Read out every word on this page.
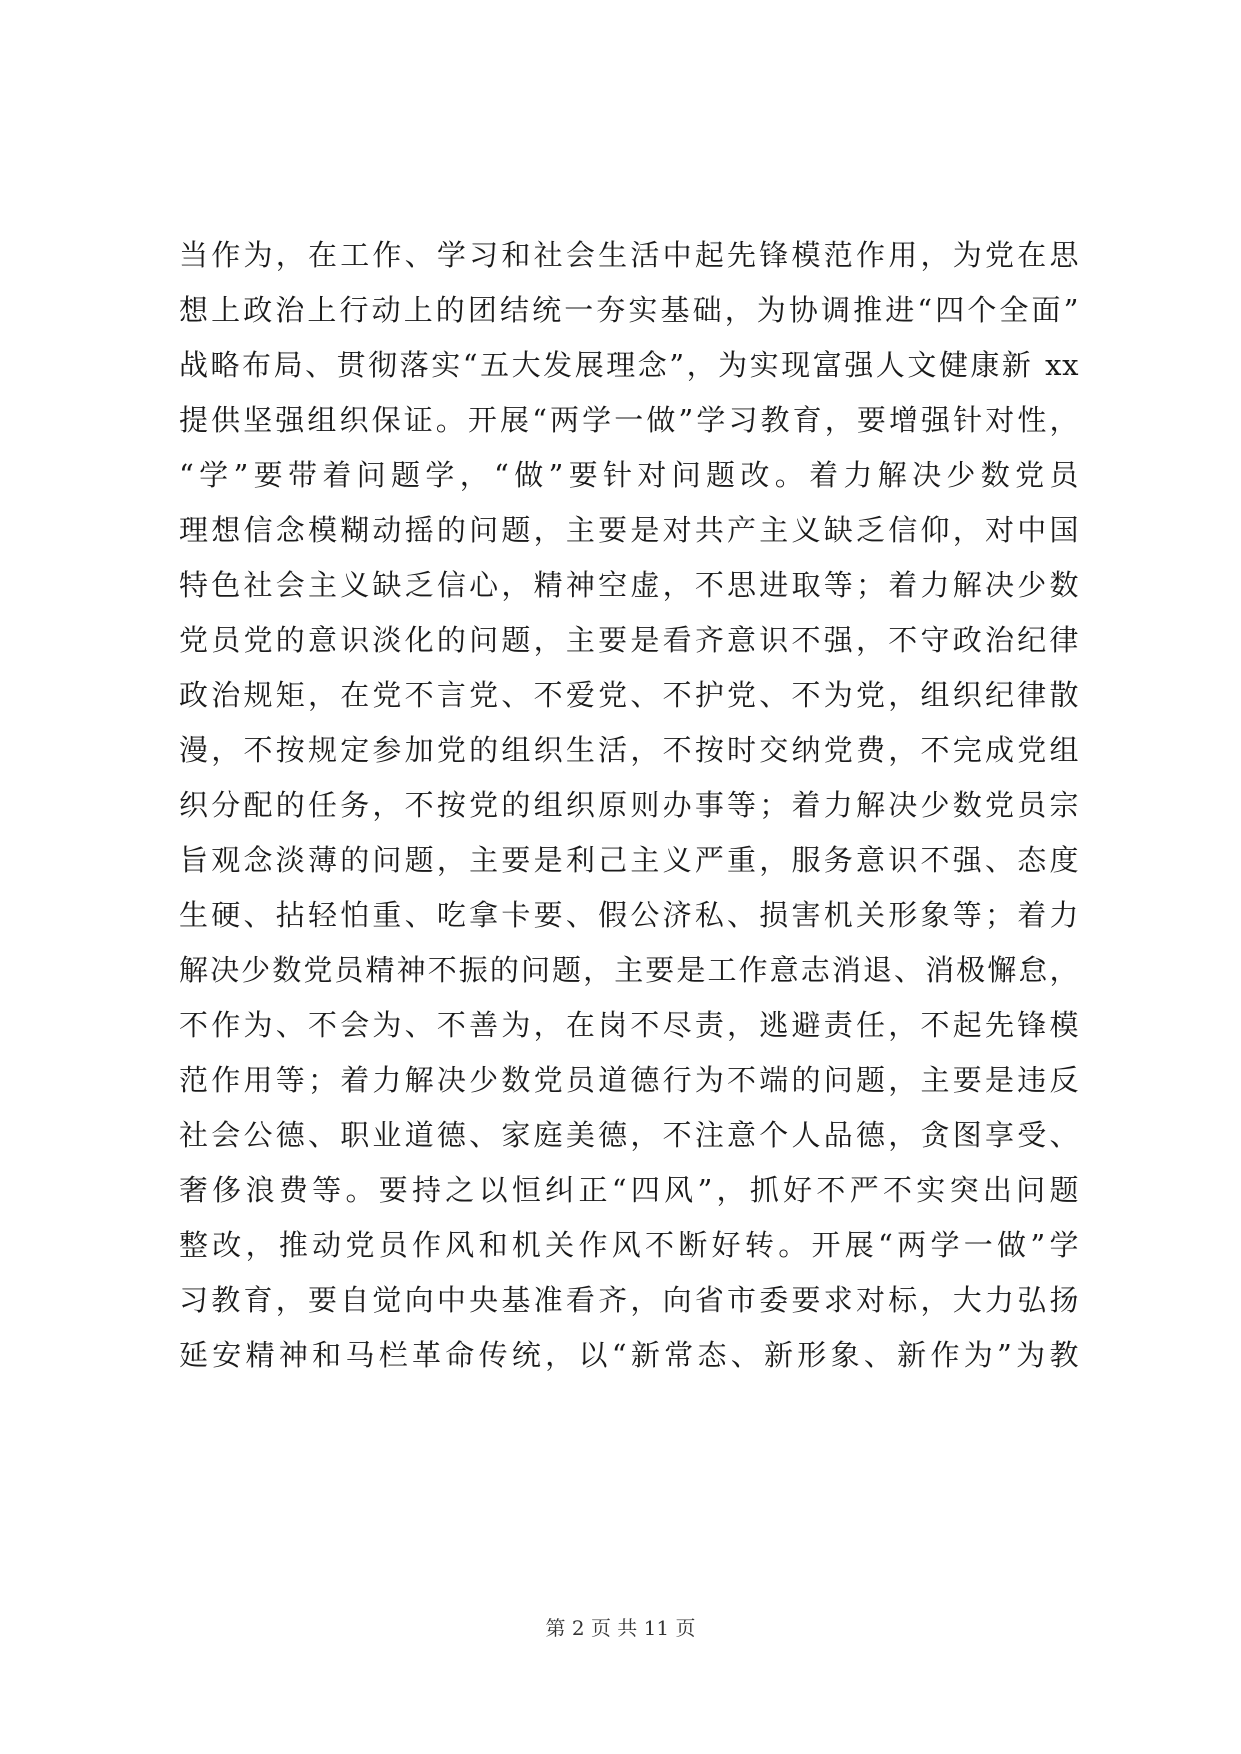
当作为，在工作、学习和社会生活中起先锋模范作用，为党在思
想上政治上行动上的团结统一夯实基础，为协调推进“四个全面”
战略布局、贯彻落实“五大发展理念”，为实现富强人文健康新 xx
提供坚强组织保证。开展“两学一做”学习教育，要增强针对性，
“学”要带着问题学，“做”要针对问题改。着力解决少数党员
理想信念模糊动摇的问题，主要是对共产主义缺乏信仰，对中国
特色社会主义缺乏信心，精神空虚，不思进取等；着力解决少数
党员党的意识淡化的问题，主要是看齐意识不强，不守政治纪律
政治规矩，在党不言党、不爱党、不护党、不为党，组织纪律散
漫，不按规定参加党的组织生活，不按时交纳党费，不完成党组
织分配的任务，不按党的组织原则办事等；着力解决少数党员宗
旨观念淡薄的问题，主要是利己主义严重，服务意识不强、态度
生硬、拈轻怕重、吃拿卡要、假公济私、损害机关形象等；着力
解决少数党员精神不振的问题，主要是工作意志消退、消极懈怠，
不作为、不会为、不善为，在岗不尽责，逃避责任，不起先锋模
范作用等；着力解决少数党员道德行为不端的问题，主要是违反
社会公德、职业道德、家庭美德，不注意个人品德，贪图享受、
奢侈浪费等。要持之以恒纠正“四风”，抓好不严不实突出问题
整改，推动党员作风和机关作风不断好转。开展“两学一做”学
习教育，要自觉向中央基准看齐，向省市委要求对标，大力弘扬
延安精神和马栏革命传统，以“新常态、新形象、新作为”为教
第 2 页 共 11 页
